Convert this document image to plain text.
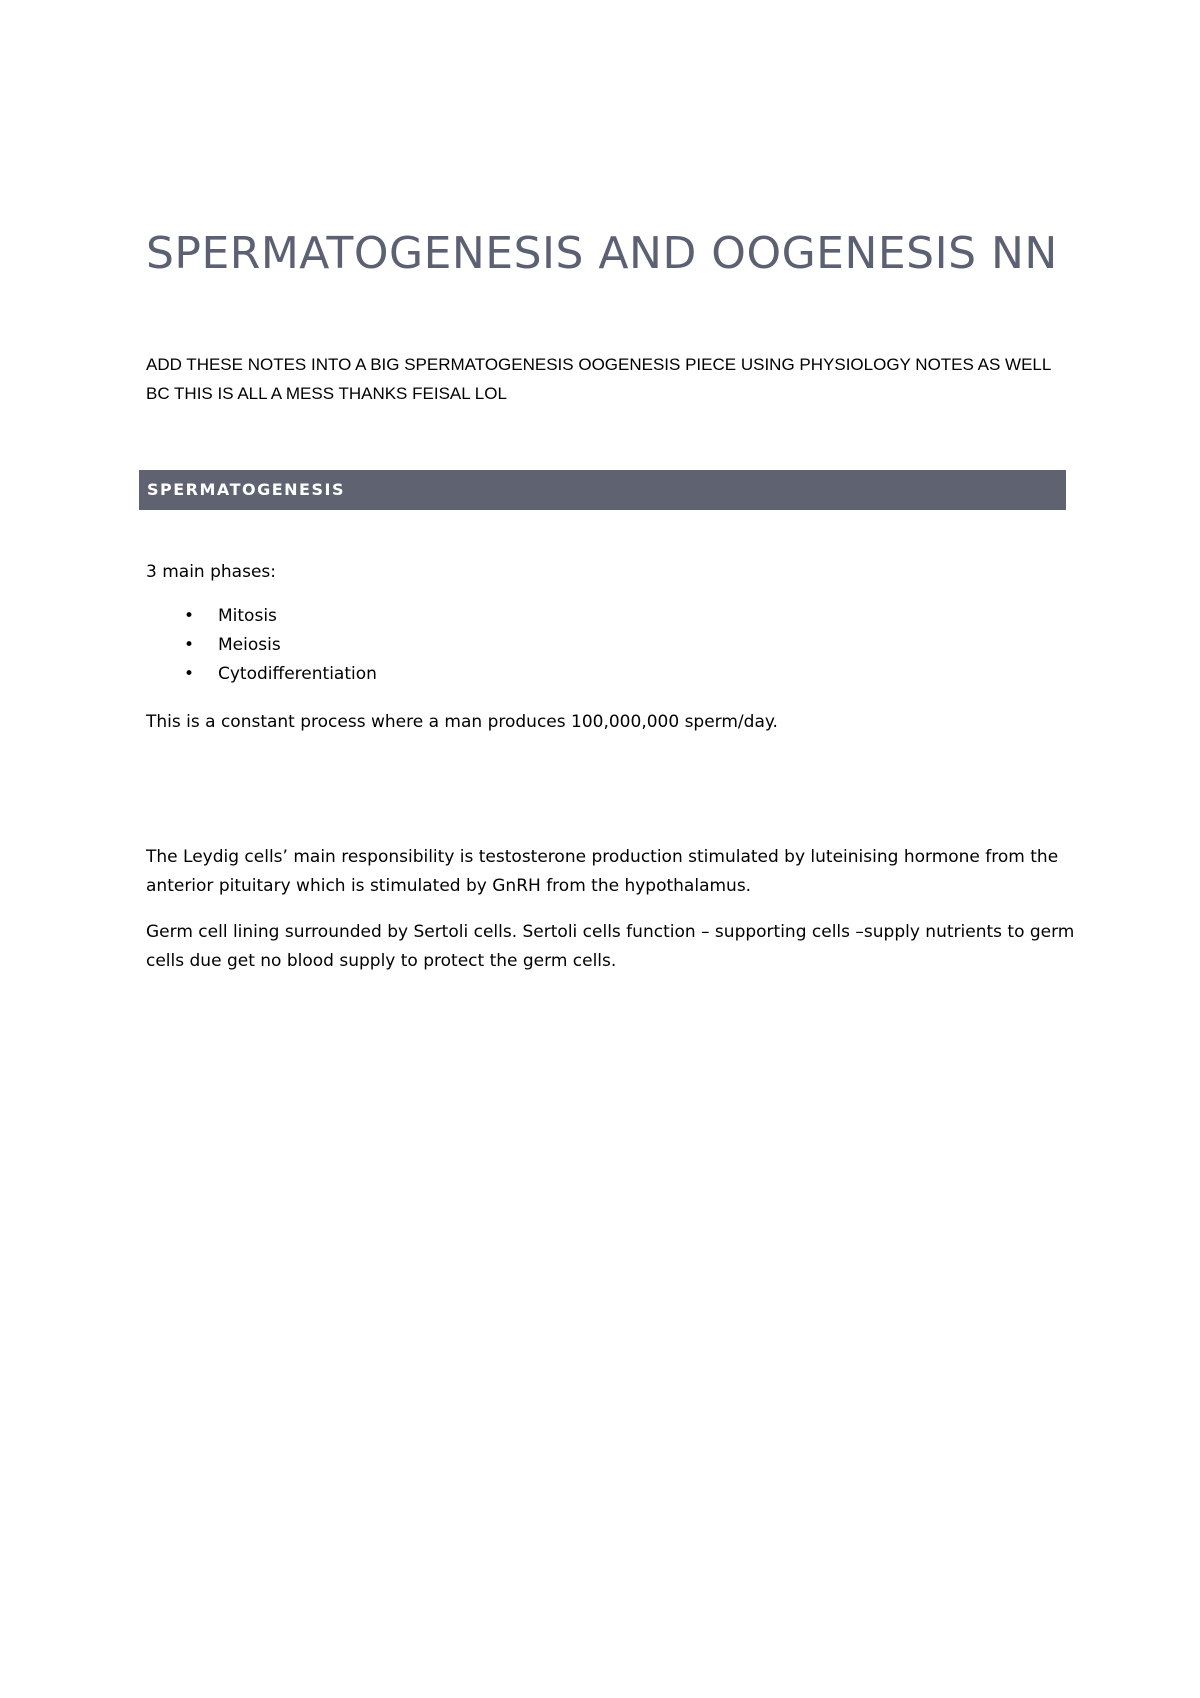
SPERMATOGENESIS AND OOGENESIS NN

ADD THESE NOTES INTO A BIG SPERMATOGENESIS OOGENESIS PIECE USING PHYSIOLOGY NOTES AS WELL BC THIS IS ALL A MESS THANKS FEISAL LOL

SPERMATOGENESIS

3 main phases:

• Mitosis
• Meiosis
• Cytodifferentiation

This is a constant process where a man produces 100,000,000 sperm/day.

The Leydig cells’ main responsibility is testosterone production stimulated by luteinising hormone from the anterior pituitary which is stimulated by GnRH from the hypothalamus.

Germ cell lining surrounded by Sertoli cells. Sertoli cells function – supporting cells –supply nutrients to germ cells due get no blood supply to protect the germ cells.
